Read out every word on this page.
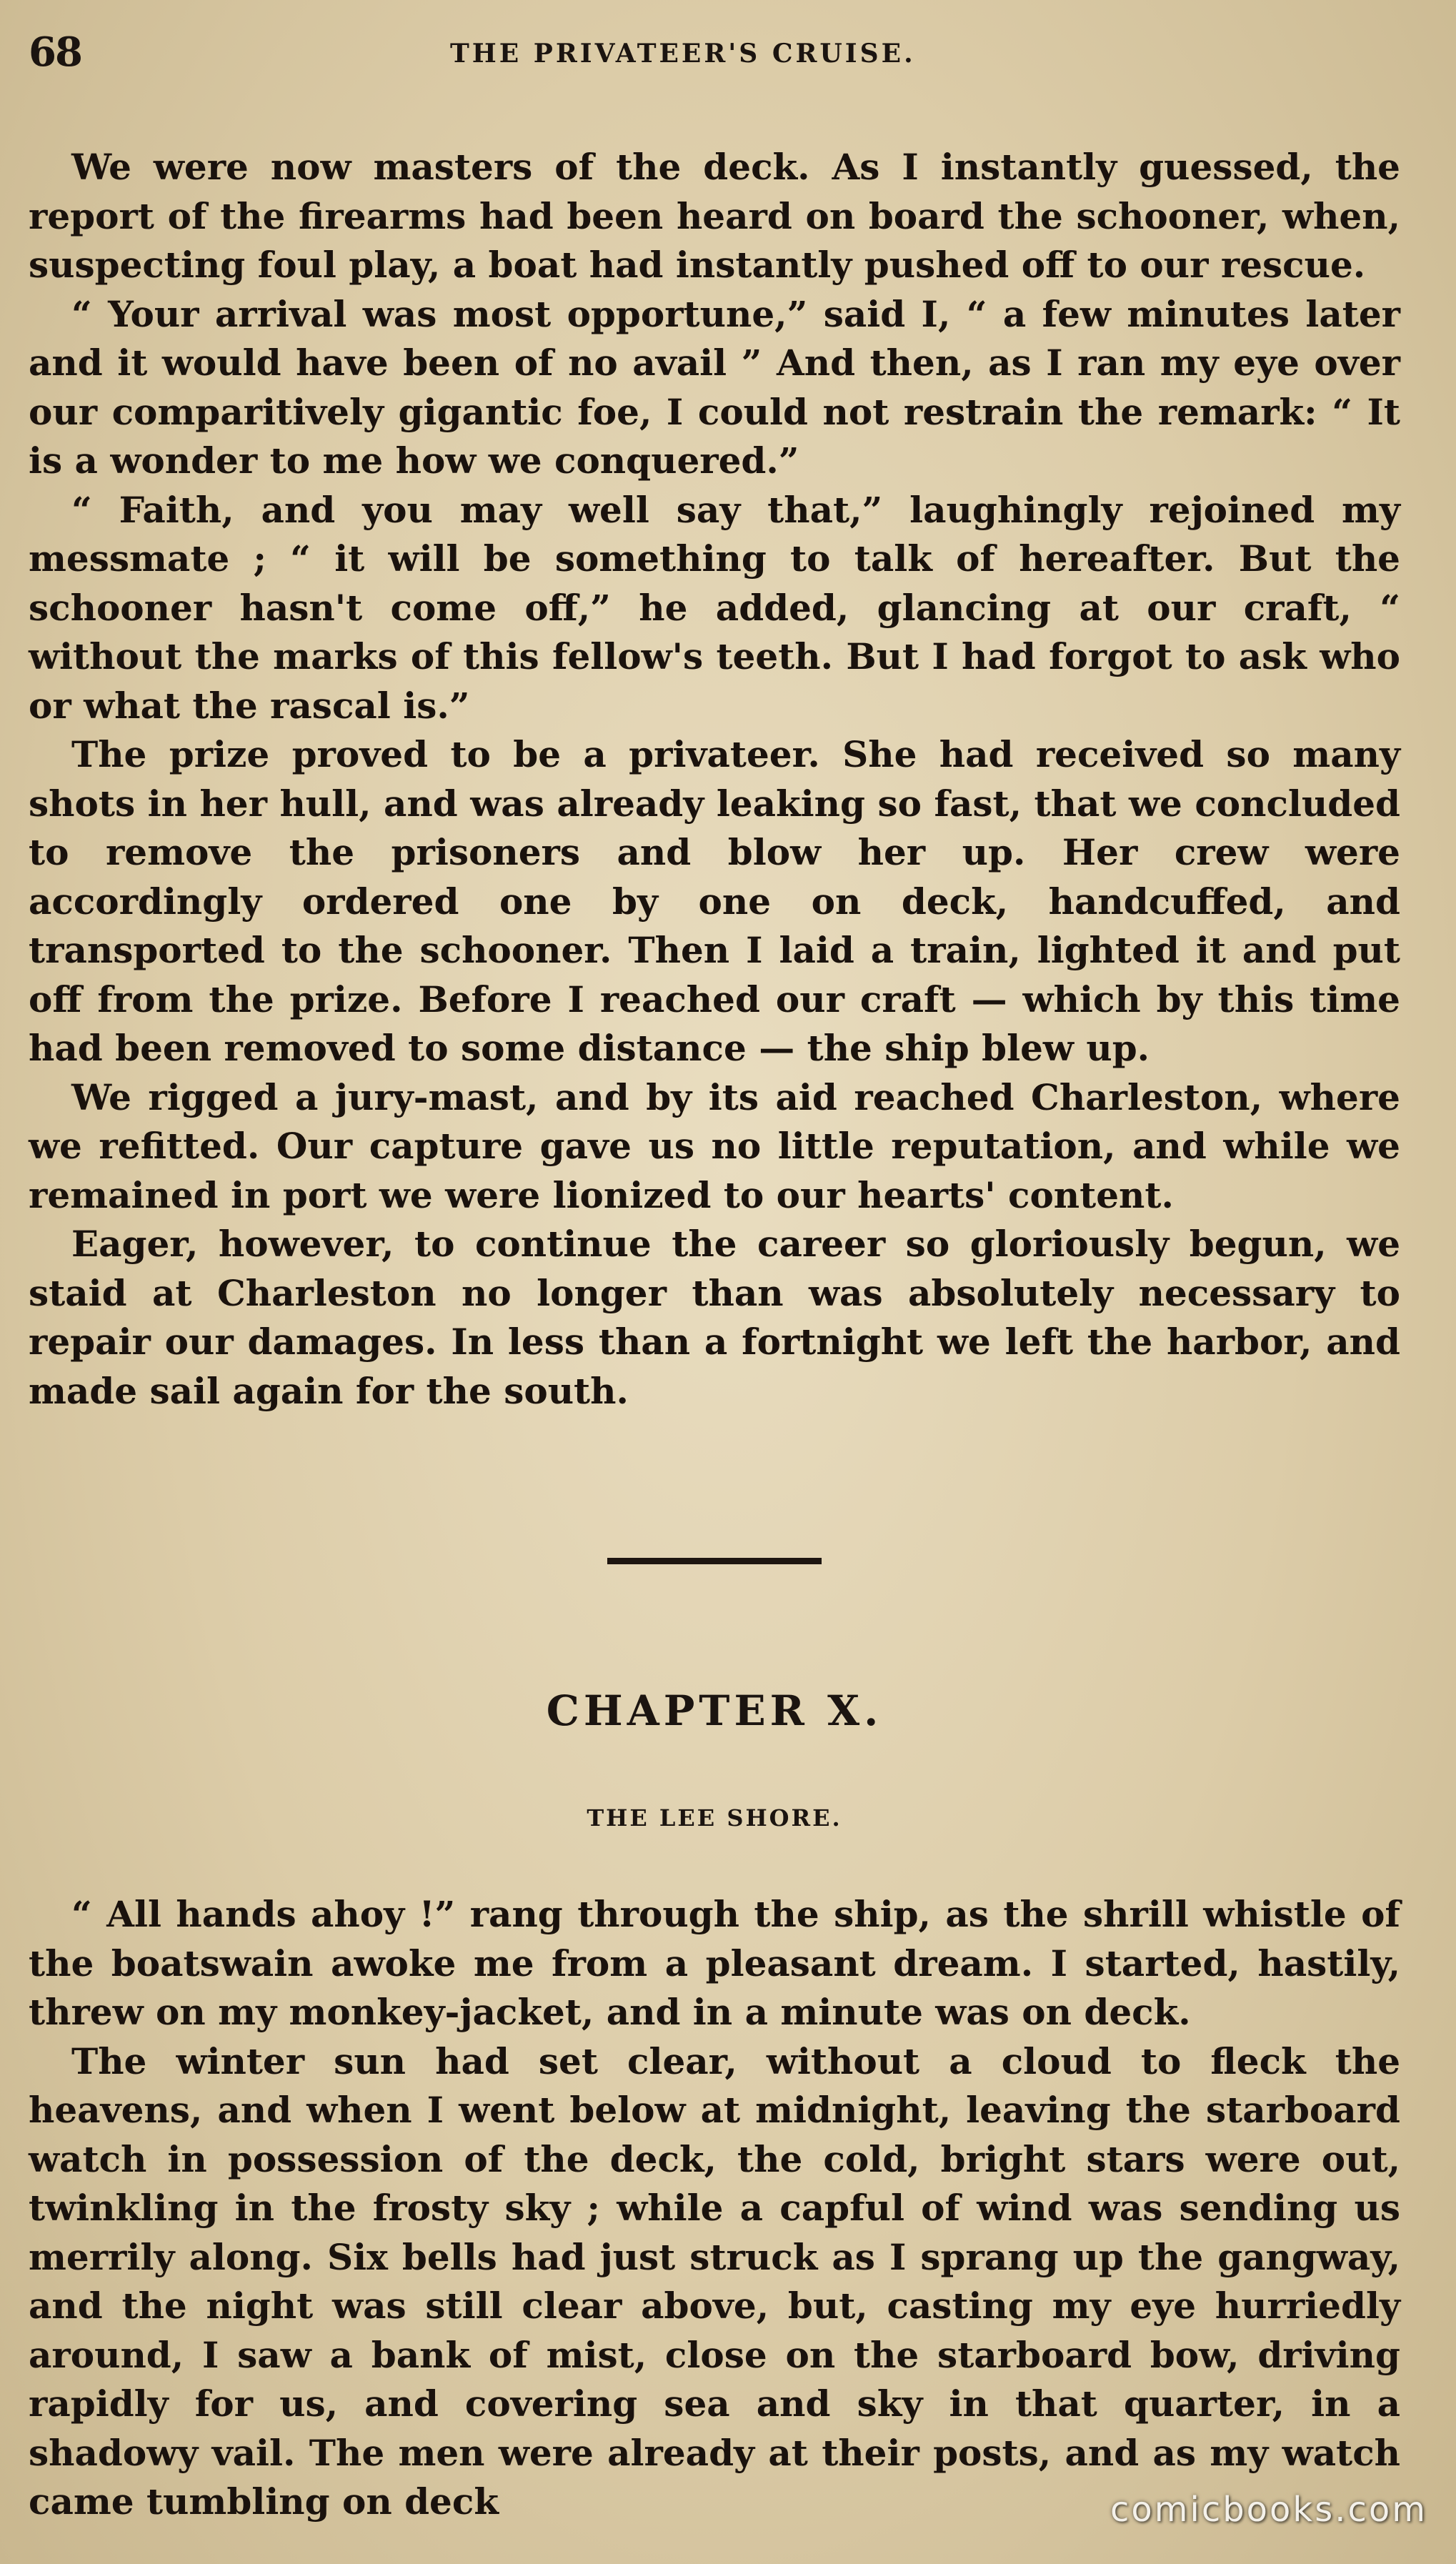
68	THE PRIVATEER'S CRUISE.

We were now masters of the deck. As I instantly guessed, the report of the firearms had been heard on board the schooner, when, suspecting foul play, a boat had instantly pushed off to our rescue.

“ Your arrival was most opportune,” said I, “ a few minutes later and it would have been of no avail ” And then, as I ran my eye over our comparitively gigantic foe, I could not restrain the remark: “ It is a wonder to me how we conquered.”

“ Faith, and you may well say that,” laughingly rejoined my messmate ; “ it will be something to talk of hereafter. But the schooner hasn't come off,” he added, glancing at our craft, “ without the marks of this fellow's teeth. But I had forgot to ask who or what the rascal is.”

The prize proved to be a privateer. She had received so many shots in her hull, and was already leaking so fast, that we concluded to remove the prisoners and blow her up. Her crew were accordingly ordered one by one on deck, handcuffed, and transported to the schooner. Then I laid a train, lighted it and put off from the prize. Before I reached our craft — which by this time had been removed to some distance — the ship blew up.

We rigged a jury-mast, and by its aid reached Charleston, where we refitted. Our capture gave us no little reputation, and while we remained in port we were lionized to our hearts' content.

Eager, however, to continue the career so gloriously begun, we staid at Charleston no longer than was absolutely necessary to repair our damages. In less than a fortnight we left the harbor, and made sail again for the south.

CHAPTER X.
THE LEE SHORE.

“ All hands ahoy !” rang through the ship, as the shrill whistle of the boatswain awoke me from a pleasant dream. I started, hastily, threw on my monkey-jacket, and in a minute was on deck.

The winter sun had set clear, without a cloud to fleck the heavens, and when I went below at midnight, leaving the starboard watch in possession of the deck, the cold, bright stars were out, twinkling in the frosty sky ; while a capful of wind was sending us merrily along. Six bells had just struck as I sprang up the gangway, and the night was still clear above, but, casting my eye hurriedly around, I saw a bank of mist, close on the starboard bow, driving rapidly for us, and covering sea and sky in that quarter, in a shadowy vail. The men were already at their posts, and as my watch came tumbling on deck	comicbooks.com
